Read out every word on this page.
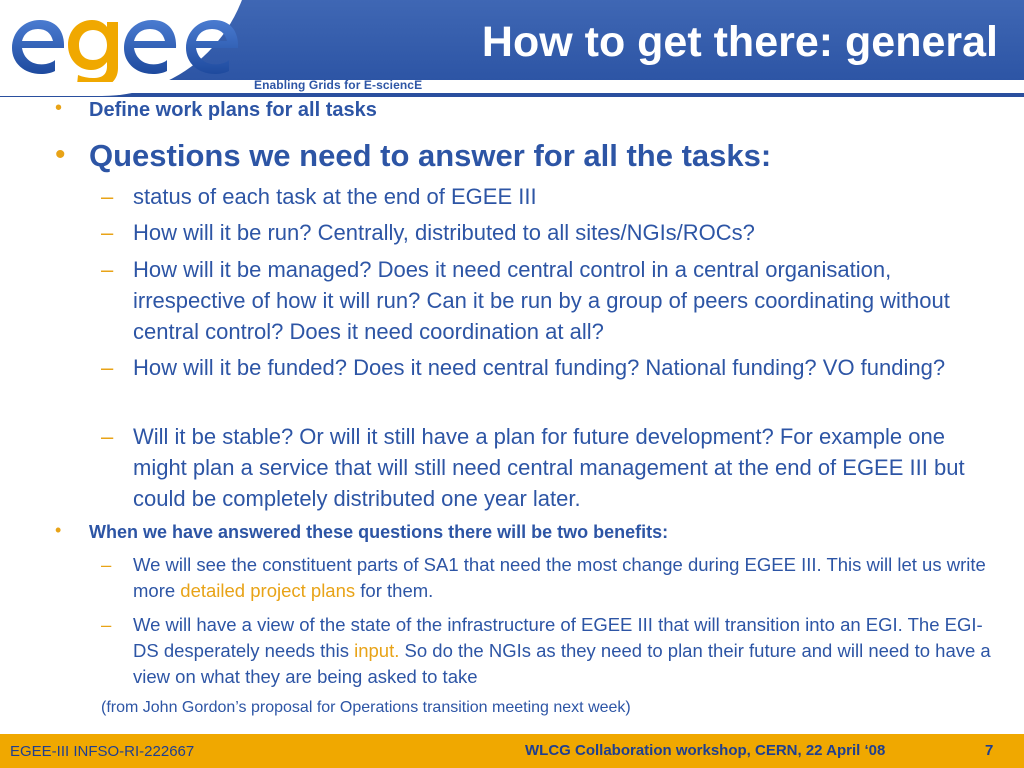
Enabling Grids for E-sciencE
How to get there: general
• Define work plans for all tasks
• Questions we need to answer for all the tasks:
– status of each task at the end of EGEE III
– How will it be run? Centrally, distributed to all sites/NGIs/ROCs?
– How will it be managed? Does it need central control in a central organisation, irrespective of how it will run? Can it be run by a group of peers coordinating without central control? Does it need coordination at all?
– How will it be funded? Does it need central funding? National funding? VO funding?
– Will it be stable? Or will it still have a plan for future development? For example one might plan a service that will still need central management at the end of EGEE III but could be completely distributed one year later.
• When we have answered these questions there will be two benefits:
– We will see the constituent parts of SA1 that need the most change during EGEE III. This will let us write more detailed project plans for them.
– We will have a view of the state of the infrastructure of EGEE III that will transition into an EGI. The EGI-DS desperately needs this input. So do the NGIs as they need to plan their future and will need to have a view on what they are being asked to take
(from John Gordon’s proposal for Operations transition meeting next week)
EGEE-III INFSO-RI-222667	WLCG Collaboration workshop, CERN, 22 April ‘08	7
